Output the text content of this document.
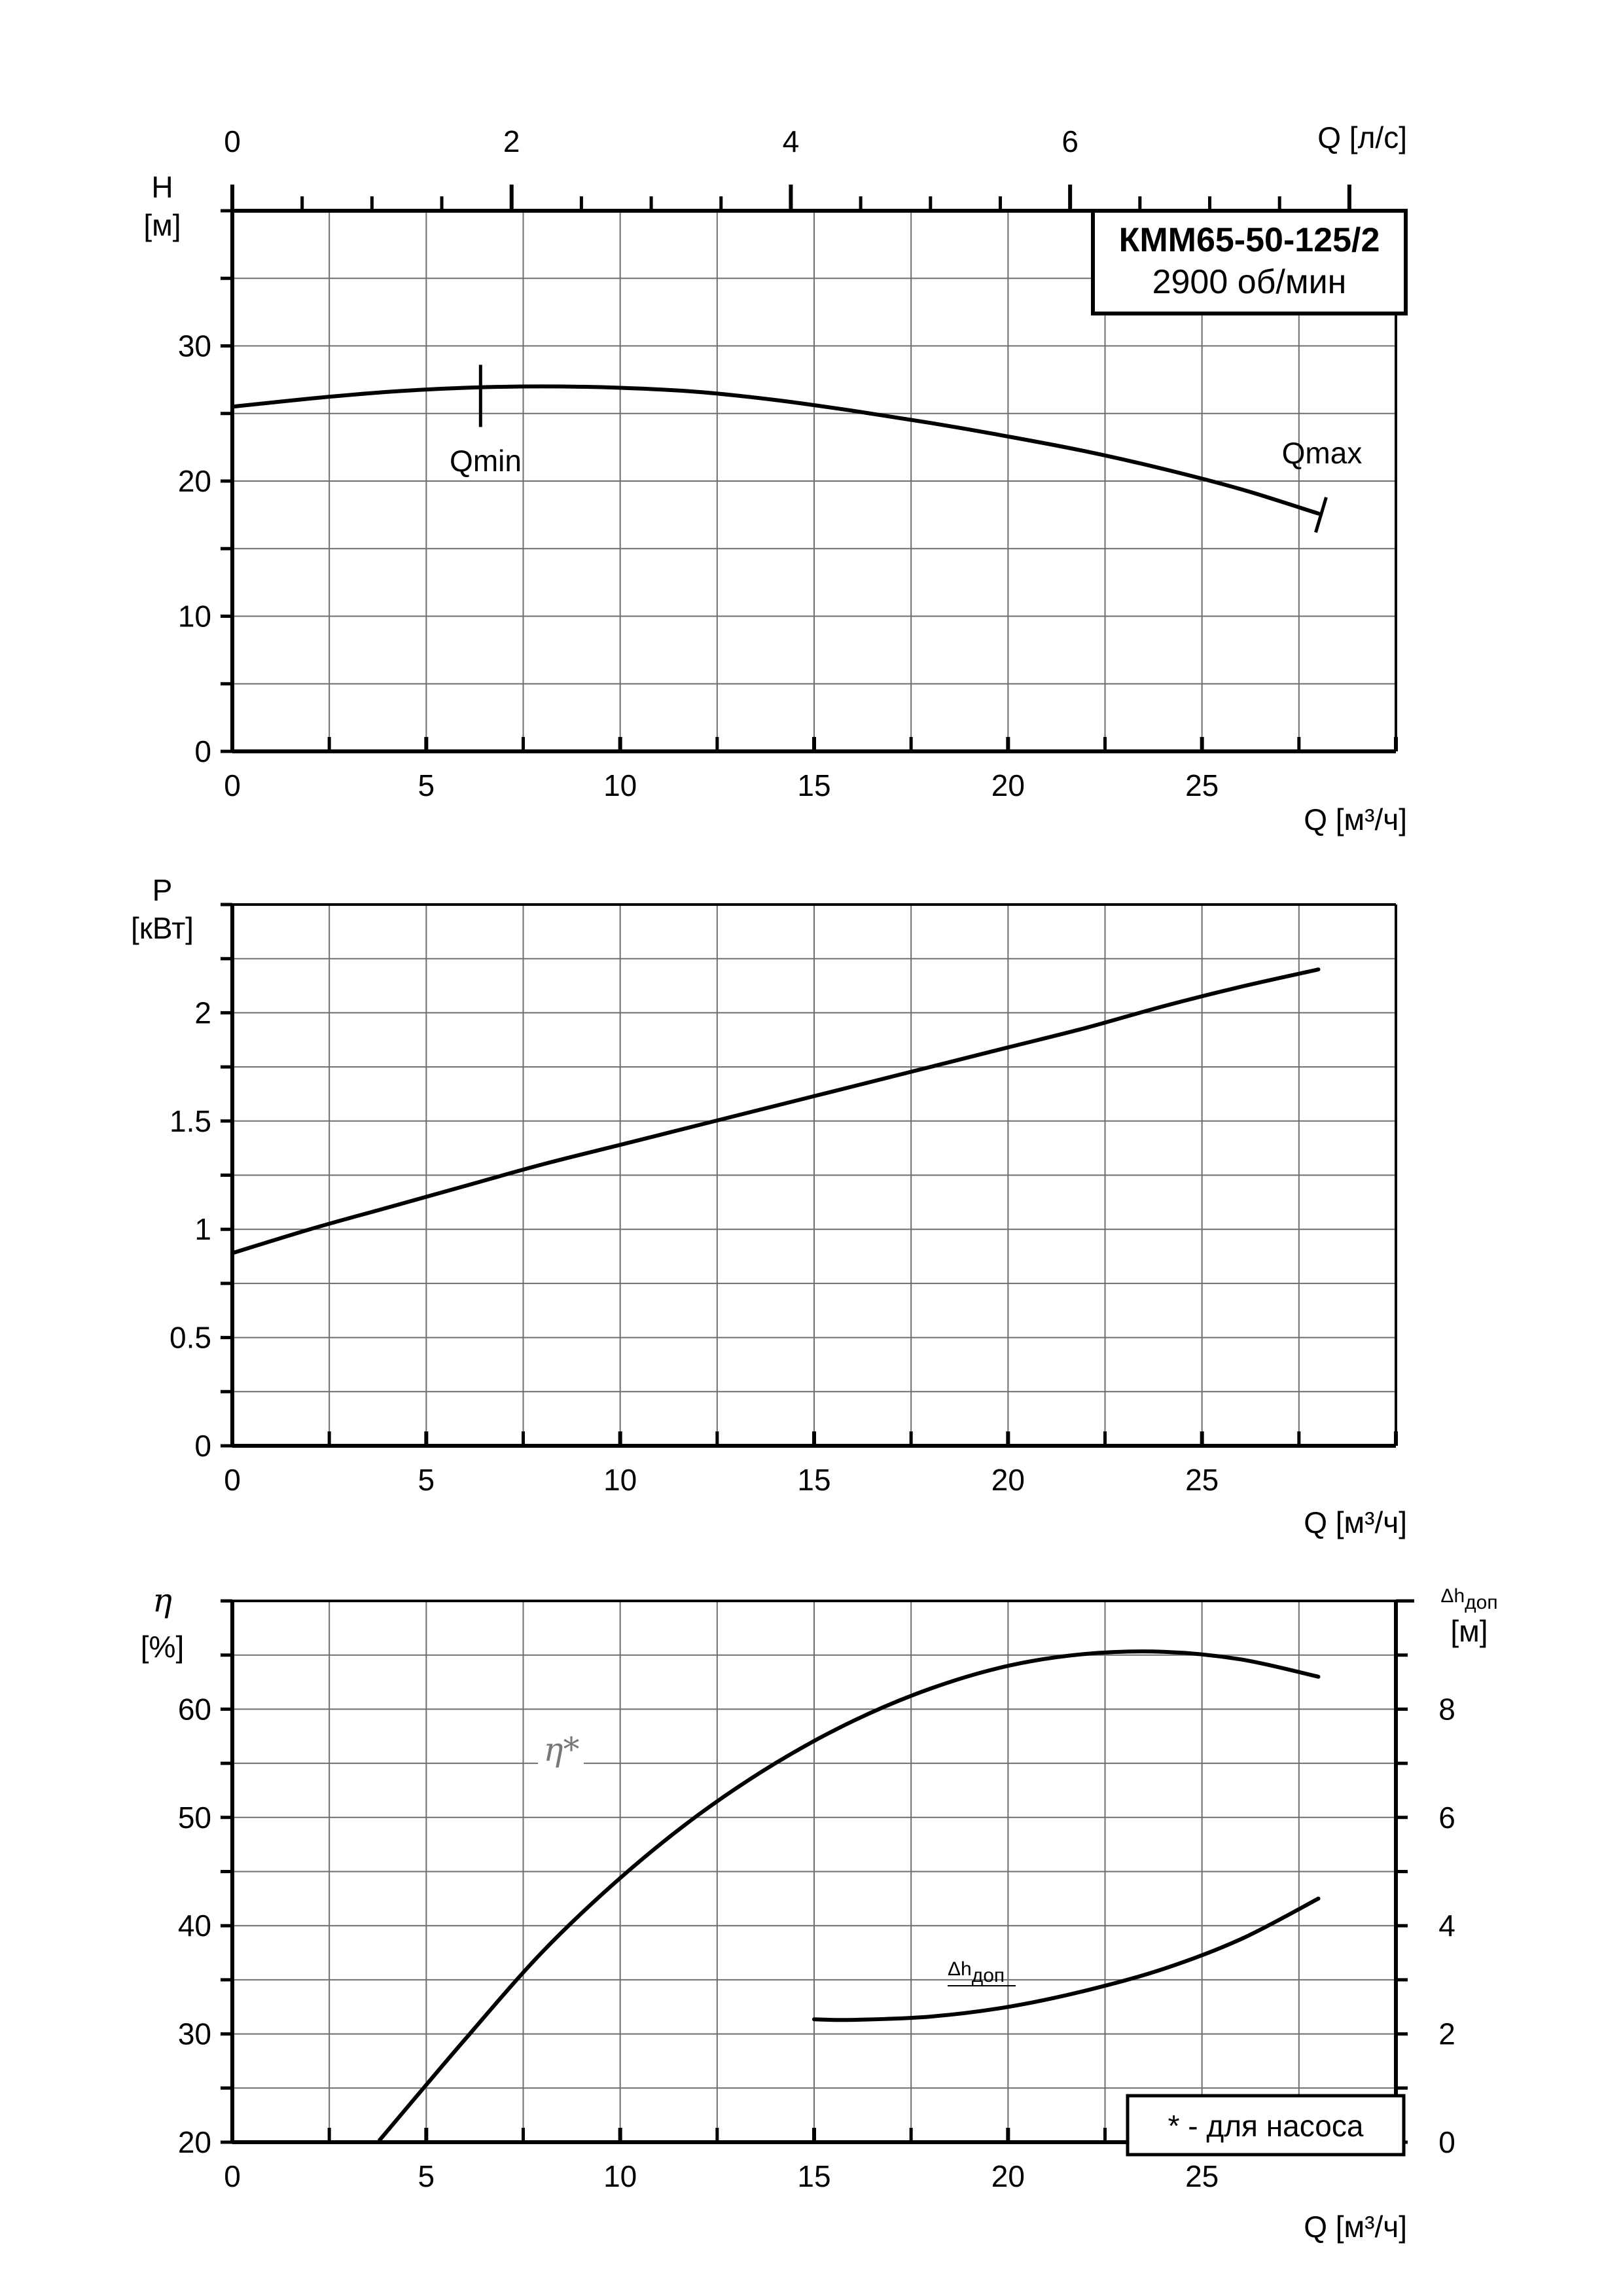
0	5	10	15	20	25
0
10
20
30
0	2	4	6
H
[м]
Q [м³/ч]
Q [л/с]
Qmin	Qmax
КММ65-50-125/2
2900 об/мин
0	5	10	15	20	25
0
0.5
1
1.5
2
P
[кВт]
Q [м³/ч]
0	5	10	15	20	25
20
30
40
50
60
0
2
4
6
8
η
[%]
Δhдоп
[м]
Q [м³/ч]
η*
Δhдоп
* - для насоса
